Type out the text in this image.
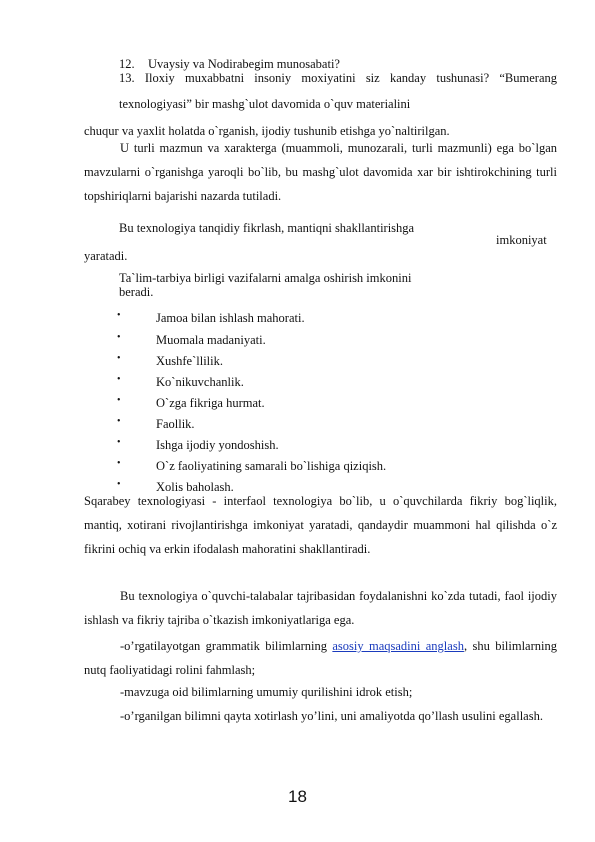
12. Uvaysiy va Nodirabegim munosabati?
13. Iloxiy muxabbatni insoniy moxiyatini siz kanday tushunasi? “Bumerang
texnologiyasi” bir mashg`ulot davomida o`quv materialini
chuqur va yaxlit holatda o`rganish, ijodiy tushunib etishga yo`naltirilgan.
U turli mazmun va xarakterga (muammoli, munozarali, turli mazmunli) ega bo`lgan mavzularni o`rganishga yaroqli bo`lib, bu mashg`ulot davomida xar bir ishtirokchining turli topshiriqlarni bajarishi nazarda tutiladi.
Bu texnologiya tanqidiy fikrlash, mantiqni shakllantirishga
imkoniyat
yaratadi.
Ta`lim-tarbiya birligi vazifalarni amalga oshirish imkonini
beradi.
•	Jamoa bilan ishlash mahorati.
•	Muomala madaniyati.
•	Xushfe`llilik.
•	Ko`nikuvchanlik.
•	O`zga fikriga hurmat.
•	Faollik.
•	Ishga ijodiy yondoshish.
•	O`z faoliyatining samarali bo`lishiga qiziqish.
•	Xolis baholash.
Sqarabey texnologiyasi - interfaol texnologiya bo`lib, u o`quvchilarda fikriy bog`liqlik, mantiq, xotirani rivojlantirishga imkoniyat yaratadi, qandaydir muammoni hal qilishda o`z fikrini ochiq va erkin ifodalash mahoratini shakllantiradi.
Bu texnologiya o`quvchi-talabalar tajribasidan foydalanishni ko`zda tutadi, faol ijodiy ishlash va fikriy tajriba o`tkazish imkoniyatlariga ega.
-o’rgatilayotgan grammatik bilimlarning asosiy maqsadini anglash, shu bilimlarning nutq faoliyatidagi rolini fahmlash;
-mavzuga oid bilimlarning umumiy qurilishini idrok etish;
-o’rganilgan bilimni qayta xotirlash yo’lini, uni amaliyotda qo’llash usulini egallash.
18
